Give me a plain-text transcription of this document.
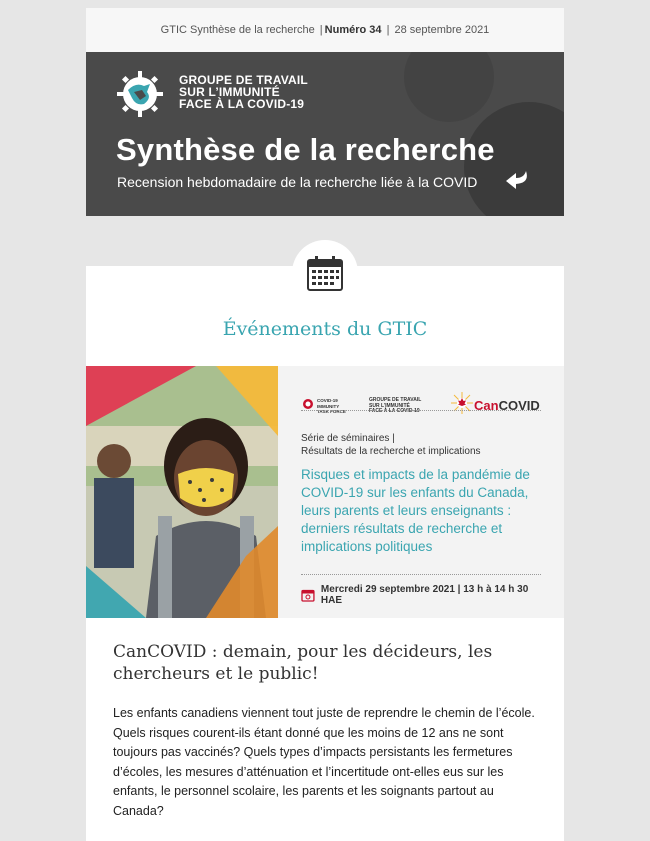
GTIC Synthèse de la recherche | Numéro 34 | 28 septembre 2021
GROUPE DE TRAVAIL
SUR L’IMMUNITÉ
FACE À LA COVID-19
Synthèse de la recherche
Recension hebdomadaire de la recherche liée à la COVID
Événements du GTIC
COVID-19
IMMUNITY
TASK FORCE
GROUPE DE TRAVAIL
SUR L’IMMUNITÉ
FACE À LA COVID-19	CanCOVID
Série de séminaires |
Résultats de la recherche et implications
Risques et impacts de la pandémie de COVID-19 sur les enfants du Canada, leurs parents et leurs enseignants : derniers résultats de recherche et implications politiques
Mercredi 29 septembre 2021 | 13 h à 14 h 30 HAE
CanCOVID : demain, pour les décideurs, les chercheurs et le public!
Les enfants canadiens viennent tout juste de reprendre le chemin de l’école. Quels risques courent-ils étant donné que les moins de 12 ans ne sont toujours pas vaccinés? Quels types d’impacts persistants les fermetures d’écoles, les mesures d’atténuation et l’incertitude ont-elles eus sur les enfants, le personnel scolaire, les parents et les soignants partout au Canada?
